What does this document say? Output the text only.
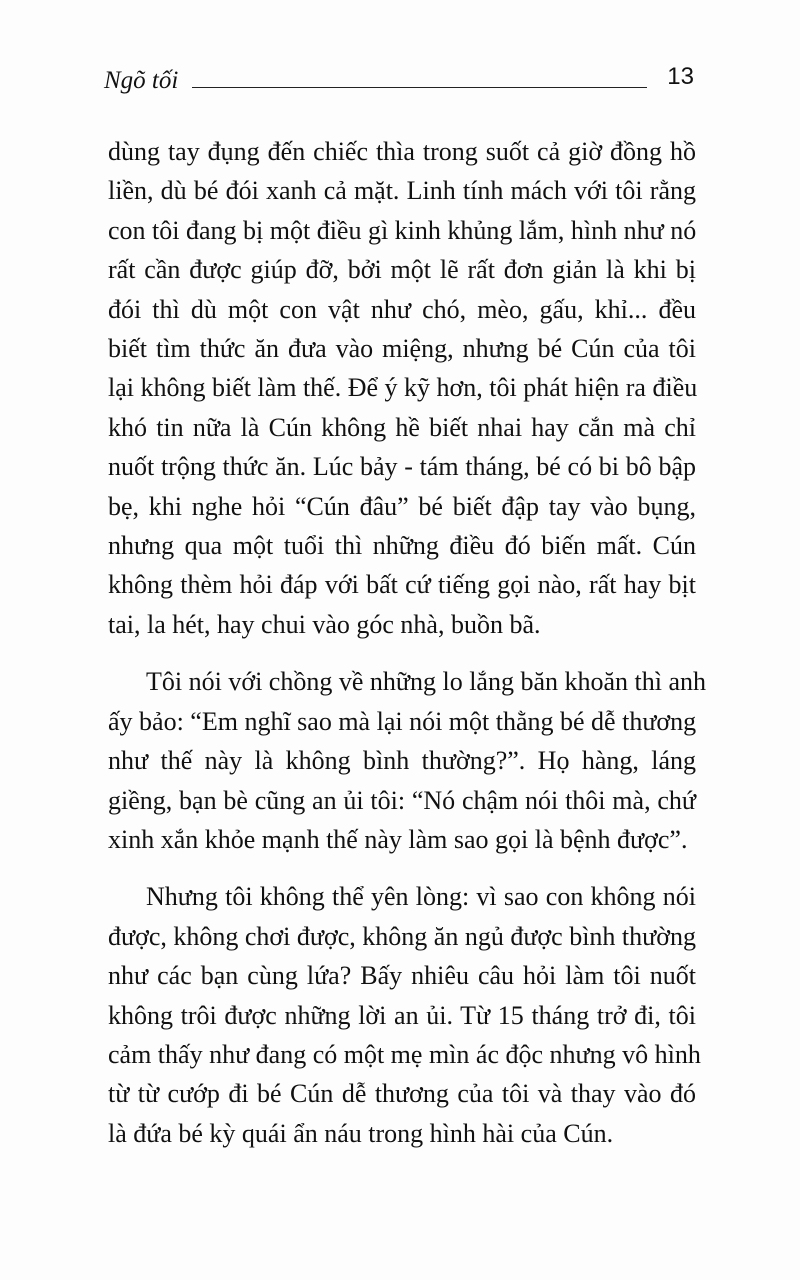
Ngõ tối	13

dùng tay đụng đến chiếc thìa trong suốt cả giờ đồng hồ
liền, dù bé đói xanh cả mặt. Linh tính mách với tôi rằng
con tôi đang bị một điều gì kinh khủng lắm, hình như nó
rất cần được giúp đỡ, bởi một lẽ rất đơn giản là khi bị
đói thì dù một con vật như chó, mèo, gấu, khỉ... đều
biết tìm thức ăn đưa vào miệng, nhưng bé Cún của tôi
lại không biết làm thế. Để ý kỹ hơn, tôi phát hiện ra điều
khó tin nữa là Cún không hề biết nhai hay cắn mà chỉ
nuốt trộng thức ăn. Lúc bảy - tám tháng, bé có bi bô bập
bẹ, khi nghe hỏi “Cún đâu” bé biết đập tay vào bụng,
nhưng qua một tuổi thì những điều đó biến mất. Cún
không thèm hỏi đáp với bất cứ tiếng gọi nào, rất hay bịt
tai, la hét, hay chui vào góc nhà, buồn bã.

Tôi nói với chồng về những lo lắng băn khoăn thì anh
ấy bảo: “Em nghĩ sao mà lại nói một thằng bé dễ thương
như thế này là không bình thường?”. Họ hàng, láng
giềng, bạn bè cũng an ủi tôi: “Nó chậm nói thôi mà, chứ
xinh xắn khỏe mạnh thế này làm sao gọi là bệnh được”.

Nhưng tôi không thể yên lòng: vì sao con không nói
được, không chơi được, không ăn ngủ được bình thường
như các bạn cùng lứa? Bấy nhiêu câu hỏi làm tôi nuốt
không trôi được những lời an ủi. Từ 15 tháng trở đi, tôi
cảm thấy như đang có một mẹ mìn ác độc nhưng vô hình
từ từ cướp đi bé Cún dễ thương của tôi và thay vào đó
là đứa bé kỳ quái ẩn náu trong hình hài của Cún.
